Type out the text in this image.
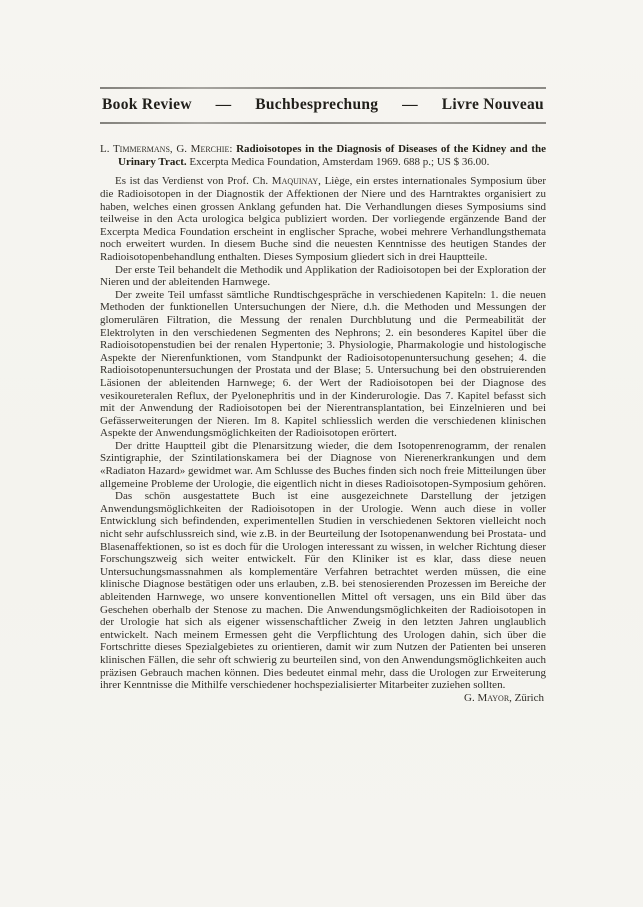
Book Review — Buchbesprechung — Livre Nouveau

L. Timmermans, G. Merchie: Radioisotopes in the Diagnosis of Diseases of the Kidney and the Urinary Tract. Excerpta Medica Foundation, Amsterdam 1969. 688 p.; US $ 36.00.

Es ist das Verdienst von Prof. Ch. Maquinay, Liège, ein erstes internationales Symposium über die Radioisotopen in der Diagnostik der Affektionen der Niere und des Harntraktes organisiert zu haben, welches einen grossen Anklang gefunden hat. Die Verhandlungen dieses Symposiums sind teilweise in den Acta urologica belgica publiziert worden. Der vorliegende ergänzende Band der Excerpta Medica Foundation erscheint in englischer Sprache, wobei mehrere Verhandlungsthemata noch erweitert wurden. In diesem Buche sind die neuesten Kenntnisse des heutigen Standes der Radioisotopenbehandlung enthalten. Dieses Symposium gliedert sich in drei Hauptteile.

Der erste Teil behandelt die Methodik und Applikation der Radioisotopen bei der Exploration der Nieren und der ableitenden Harnwege.

Der zweite Teil umfasst sämtliche Rundtischgespräche in verschiedenen Kapiteln: 1. die neuen Methoden der funktionellen Untersuchungen der Niere, d.h. die Methoden und Messungen der glomerulären Filtration, die Messung der renalen Durchblutung und die Permeabilität der Elektrolyten in den verschiedenen Segmenten des Nephrons; 2. ein besonderes Kapitel über die Radioisotopenstudien bei der renalen Hypertonie; 3. Physiologie, Pharmakologie und histologische Aspekte der Nierenfunktionen, vom Standpunkt der Radioisotopenuntersuchung gesehen; 4. die Radioisotopenuntersuchungen der Prostata und der Blase; 5. Untersuchung bei den obstruierenden Läsionen der ableitenden Harnwege; 6. der Wert der Radioisotopen bei der Diagnose des vesikoureteralen Reflux, der Pyelonephritis und in der Kinderurologie. Das 7. Kapitel befasst sich mit der Anwendung der Radioisotopen bei der Nierentransplantation, bei Einzelnieren und bei Gefässerweiterungen der Nieren. Im 8. Kapitel schliesslich werden die verschiedenen klinischen Aspekte der Anwendungsmöglichkeiten der Radioisotopen erörtert.

Der dritte Hauptteil gibt die Plenarsitzung wieder, die dem Isotopenrenogramm, der renalen Szintigraphie, der Szintilationskamera bei der Diagnose von Nierenerkrankungen und dem «Radiaton Hazard» gewidmet war. Am Schlusse des Buches finden sich noch freie Mitteilungen über allgemeine Probleme der Urologie, die eigentlich nicht in dieses Radioisotopen-Symposium gehören.

Das schön ausgestattete Buch ist eine ausgezeichnete Darstellung der jetzigen Anwendungsmöglichkeiten der Radioisotopen in der Urologie. Wenn auch diese in voller Entwicklung sich befindenden, experimentellen Studien in verschiedenen Sektoren vielleicht noch nicht sehr aufschlussreich sind, wie z.B. in der Beurteilung der Isotopenanwendung bei Prostata- und Blasenaffektionen, so ist es doch für die Urologen interessant zu wissen, in welcher Richtung dieser Forschungszweig sich weiter entwickelt. Für den Kliniker ist es klar, dass diese neuen Untersuchungsmassnahmen als komplementäre Verfahren betrachtet werden müssen, die eine klinische Diagnose bestätigen oder uns erlauben, z.B. bei stenosierenden Prozessen im Bereiche der ableitenden Harnwege, wo unsere konventionellen Mittel oft versagen, uns ein Bild über das Geschehen oberhalb der Stenose zu machen. Die Anwendungsmöglichkeiten der Radioisotopen in der Urologie hat sich als eigener wissenschaftlicher Zweig in den letzten Jahren unglaublich entwickelt. Nach meinem Ermessen geht die Verpflichtung des Urologen dahin, sich über die Fortschritte dieses Spezialgebietes zu orientieren, damit wir zum Nutzen der Patienten bei unseren klinischen Fällen, die sehr oft schwierig zu beurteilen sind, von den Anwendungsmöglichkeiten auch präzisen Gebrauch machen können. Dies bedeutet einmal mehr, dass die Urologen zur Erweiterung ihrer Kenntnisse die Mithilfe verschiedener hochspezialisierter Mitarbeiter zuziehen sollten.

G. Mayor, Zürich
